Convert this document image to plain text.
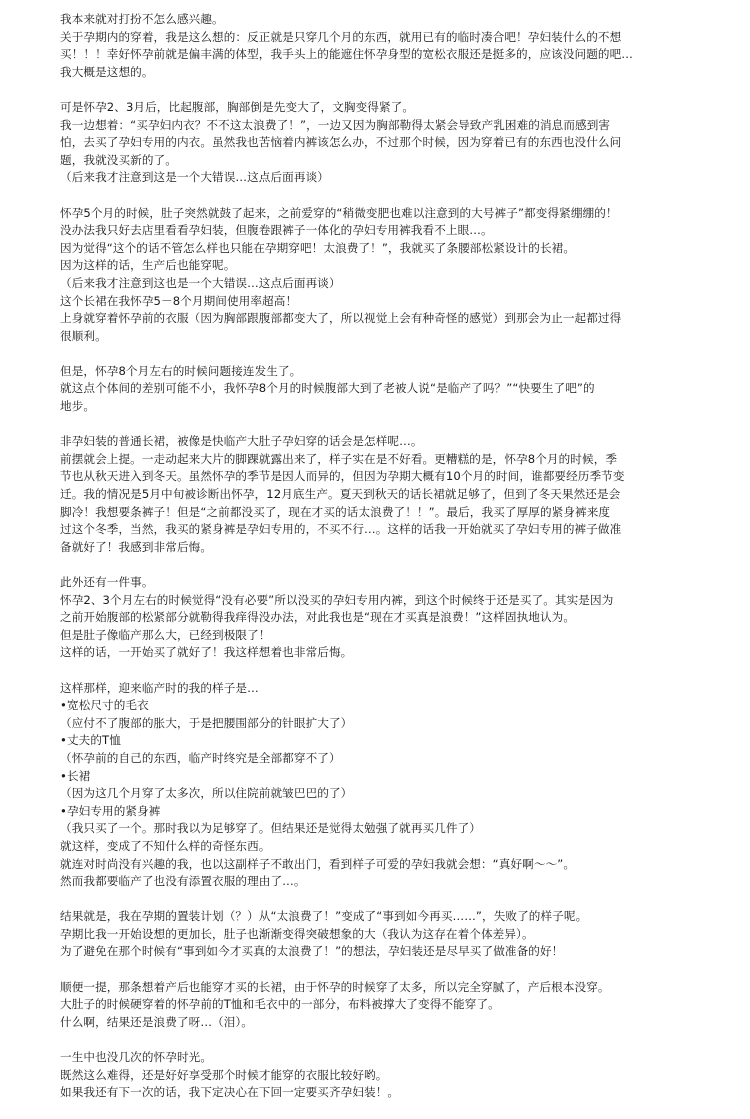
我本来就对打扮不怎么感兴趣。
关于孕期内的穿着，我是这么想的：反正就是只穿几个月的东西，就用已有的临时凑合吧！孕妇装什么的不想
买！！！幸好怀孕前就是偏丰满的体型，我手头上的能遮住怀孕身型的宽松衣服还是挺多的，应该没问题的吧…
我大概是这想的。

可是怀孕2、3月后，比起腹部，胸部倒是先变大了，文胸变得紧了。
我一边想着：“买孕妇内衣？不不这太浪费了！”，一边又因为胸部勒得太紧会导致产乳困难的消息而感到害
怕，去买了孕妇专用的内衣。虽然我也苦恼着内裤该怎么办，不过那个时候，因为穿着已有的东西也没什么问
题，我就没买新的了。
（后来我才注意到这是一个大错误…这点后面再谈）

怀孕5个月的时候，肚子突然就鼓了起来，之前爱穿的“稍微变肥也难以注意到的大号裤子”都变得紧绷绷的！
没办法我只好去店里看看孕妇装，但腹卷跟裤子一体化的孕妇专用裤我看不上眼…。
因为觉得“这个的话不管怎么样也只能在孕期穿吧！太浪费了！”，我就买了条腰部松紧设计的长裙。
因为这样的话，生产后也能穿呢。
（后来我才注意到这也是一个大错误…这点后面再谈）
这个长裙在我怀孕5－8个月期间使用率超高！
上身就穿着怀孕前的衣服（因为胸部跟腹部都变大了，所以视觉上会有种奇怪的感觉）到那会为止一起都过得
很顺利。

但是，怀孕8个月左右的时候问题接连发生了。
就这点个体间的差别可能不小，我怀孕8个月的时候腹部大到了老被人说“是临产了吗？”“快要生了吧”的
地步。

非孕妇装的普通长裙，被像是快临产大肚子孕妇穿的话会是怎样呢…。
前摆就会上提。一走动起来大片的脚踝就露出来了，样子实在是不好看。更糟糕的是，怀孕8个月的时候，季
节也从秋天进入到冬天。虽然怀孕的季节是因人而异的，但因为孕期大概有10个月的时间，谁都要经历季节变
迁。我的情况是5月中旬被诊断出怀孕，12月底生产。夏天到秋天的话长裙就足够了，但到了冬天果然还是会
脚冷！我想要条裤子！但是“之前都没买了，现在才买的话太浪费了！！”。最后，我买了厚厚的紧身裤来度
过这个冬季，当然，我买的紧身裤是孕妇专用的，不买不行…。这样的话我一开始就买了孕妇专用的裤子做准
备就好了！我感到非常后悔。

此外还有一件事。
怀孕2、3个月左右的时候觉得“没有必要”所以没买的孕妇专用内裤，到这个时候终于还是买了。其实是因为
之前开始腹部的松紧部分就勒得我痒得没办法，对此我也是“现在才买真是浪费！”这样固执地认为。
但是肚子像临产那么大，已经到极限了！
这样的话，一开始买了就好了！我这样想着也非常后悔。

这样那样，迎来临产时的我的样子是…
•宽松尺寸的毛衣
（应付不了腹部的胀大，于是把腰围部分的针眼扩大了）
•丈夫的T恤
（怀孕前的自己的东西，临产时终究是全部都穿不了）
•长裙
（因为这几个月穿了太多次，所以住院前就皱巴巴的了）
•孕妇专用的紧身裤
（我只买了一个。那时我以为足够穿了。但结果还是觉得太勉强了就再买几件了）
就这样，变成了不知什么样的奇怪东西。
就连对时尚没有兴趣的我，也以这副样子不敢出门，看到样子可爱的孕妇我就会想：“真好啊～～”。
然而我都要临产了也没有添置衣服的理由了…。

结果就是，我在孕期的置装计划（？）从“太浪费了！”变成了“事到如今再买……”，失败了的样子呢。
孕期比我一开始设想的更加长，肚子也渐渐变得突破想象的大（我认为这存在着个体差异）。
为了避免在那个时候有“事到如今才买真的太浪费了！”的想法，孕妇装还是尽早买了做准备的好！

顺便一提，那条想着产后也能穿才买的长裙，由于怀孕的时候穿了太多，所以完全穿腻了，产后根本没穿。
大肚子的时候硬穿着的怀孕前的T恤和毛衣中的一部分，布料被撑大了变得不能穿了。
什么啊，结果还是浪费了呀…（泪）。

一生中也没几次的怀孕时光。
既然这么难得，还是好好享受那个时候才能穿的衣服比较好哟。
如果我还有下一次的话，我下定决心在下回一定要买齐孕妇装！。
